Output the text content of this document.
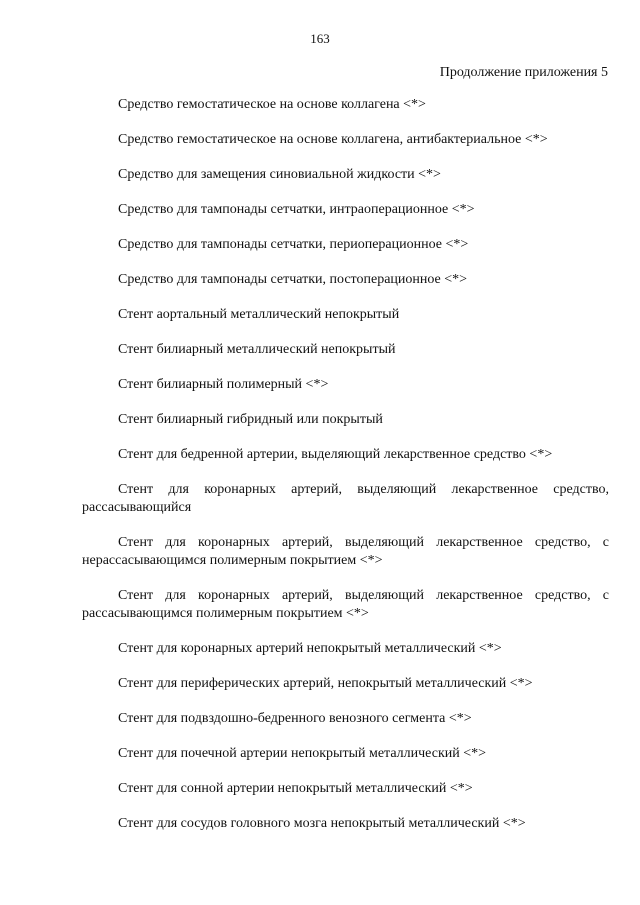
163

Продолжение приложения 5

Средство гемостатическое на основе коллагена <*>
Средство гемостатическое на основе коллагена, антибактериальное <*>
Средство для замещения синовиальной жидкости <*>
Средство для тампонады сетчатки, интраоперационное <*>
Средство для тампонады сетчатки, периоперационное <*>
Средство для тампонады сетчатки, постоперационное <*>
Стент аортальный металлический непокрытый
Стент билиарный металлический непокрытый
Стент билиарный полимерный <*>
Стент билиарный гибридный или покрытый
Стент для бедренной артерии, выделяющий лекарственное средство <*>
Стент для коронарных артерий, выделяющий лекарственное средство, рассасывающийся
Стент для коронарных артерий, выделяющий лекарственное средство, с нерассасывающимся полимерным покрытием <*>
Стент для коронарных артерий, выделяющий лекарственное средство, с рассасывающимся полимерным покрытием <*>
Стент для коронарных артерий непокрытый металлический <*>
Стент для периферических артерий, непокрытый металлический <*>
Стент для подвздошно-бедренного венозного сегмента <*>
Стент для почечной артерии непокрытый металлический <*>
Стент для сонной артерии непокрытый металлический <*>
Стент для сосудов головного мозга непокрытый металлический <*>
